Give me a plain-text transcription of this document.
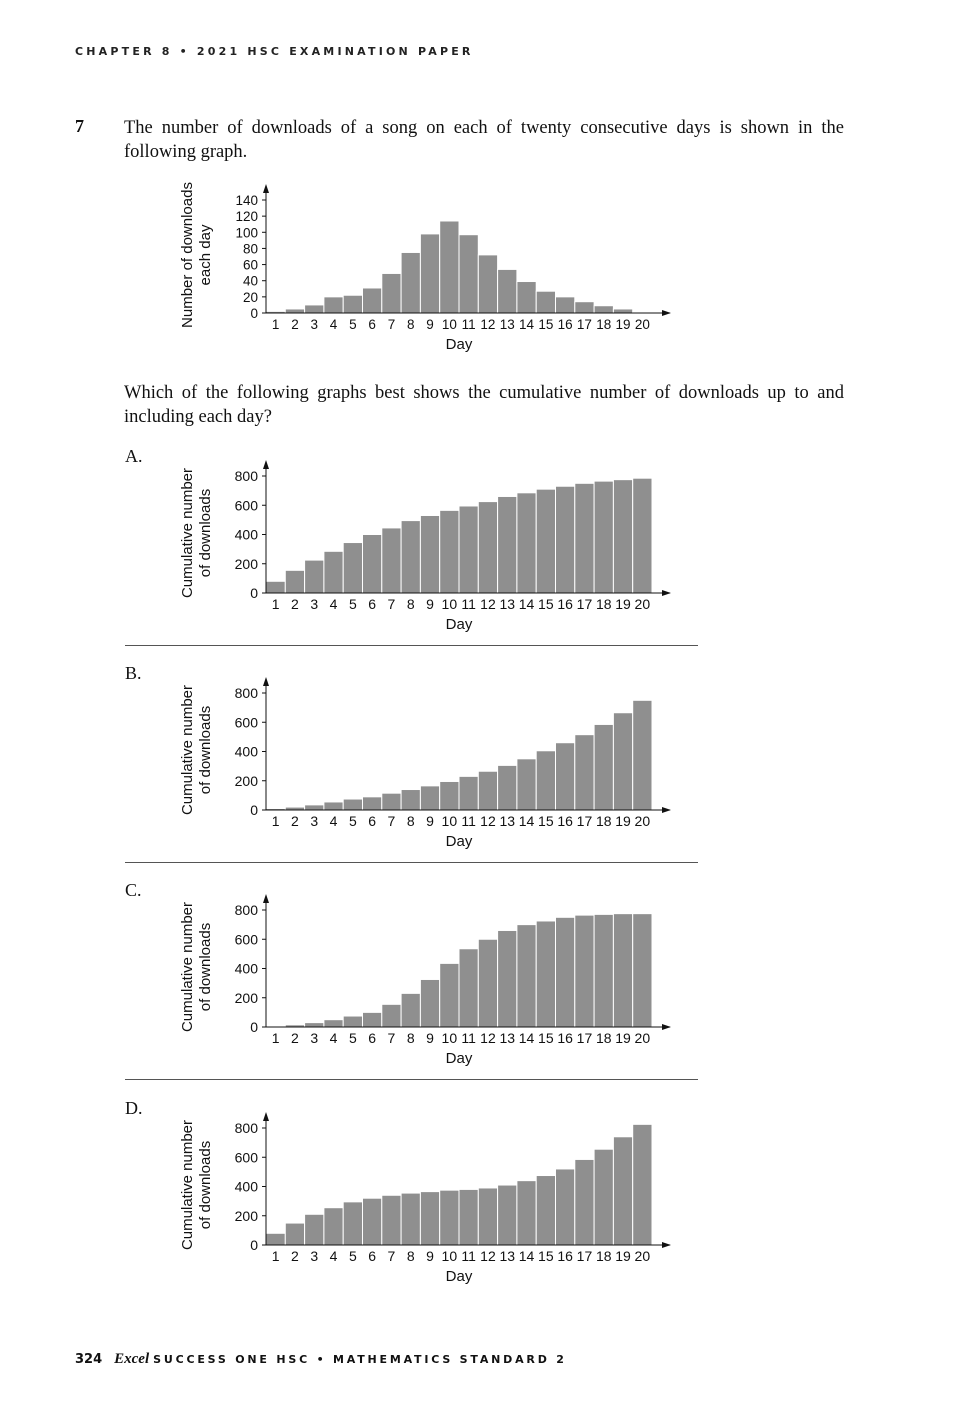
CHAPTER 8 • 2021 HSC EXAMINATION PAPER
7 The number of downloads of a song on each of twenty consecutive days is shown in the following graph.
0
20
40
60
80
100
120
140
1 2 3 4 5 6 7 8 9 10 11 12 13 14 15 16 17 18 19 20
Day
Number of downloads each day
Which of the following graphs best shows the cumulative number of downloads up to and including each day?
A.
0
200
400
600
800
1 2 3 4 5 6 7 8 9 10 11 12 13 14 15 16 17 18 19 20
Day
Cumulative number of downloads
B.
0
200
400
600
800
1 2 3 4 5 6 7 8 9 10 11 12 13 14 15 16 17 18 19 20
Day
Cumulative number of downloads
C.
0
200
400
600
800
1 2 3 4 5 6 7 8 9 10 11 12 13 14 15 16 17 18 19 20
Day
Cumulative number of downloads
D.
0
200
400
600
800
1 2 3 4 5 6 7 8 9 10 11 12 13 14 15 16 17 18 19 20
Day
Cumulative number of downloads
324 Excel SUCCESS ONE HSC • MATHEMATICS STANDARD 2
